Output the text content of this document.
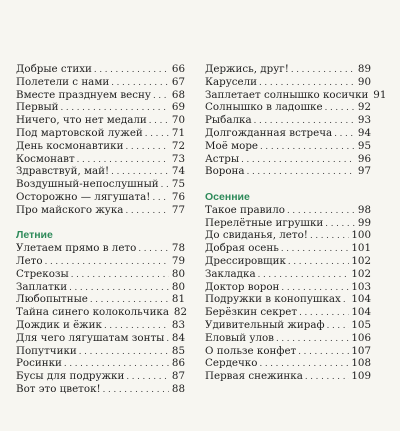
Добрые стихи . . .	66
Полетели с нами . . .	67
Вместе празднуем весну . . . 68
Первый . . .	69
Ничего, что нет медали . . . 70
Под мартовской лужей . . .	71
День космонавтики . . .	72
Космонавт . . .	73
Здравствуй, май! . . .	74
Воздушный-непослушный . . . 75
Осторожно — лягушата! . . . 76
Про майского жука . . .	77
Летние
Улетаем прямо в лето . . .	78
Лето . . .	79
Стрекозы . . .	80
Заплатки . . .	80
Любопытные . . .	81
Тайна синего колокольчика 82
Дождик и ёжик . . .	83
Для чего лягушатам зонты . . . 84
Попутчики . . .	85
Росинки . . .	86
Бусы для подружки . . .	87
Вот это цветок! . . .	88
Держись, друг! . . .	89
Карусели . . .	90
Заплетает солнышко косички 91
Солнышко в ладошке . . .	92
Рыбалка . . .	93
Долгожданная встреча . . . 94
Моё море . . .	95
Астры . . .	96
Ворона . . .	97
Осенние
Такое правило . . .	98
Перелётные игрушки . . .	99
До свиданья, лето! . . .	100
Добрая осень . . .	101
Дрессировщик . . .	102
Закладка . . .	102
Доктор ворон . . .	103
Подружки в конопушках . . . 104
Берёзкин секрет . . .	104
Удивительный жираф . . .	105
Еловый улов . . .	106
О пользе конфет . . .	107
Сердечко . . .	108
Первая снежинка . . .	109
